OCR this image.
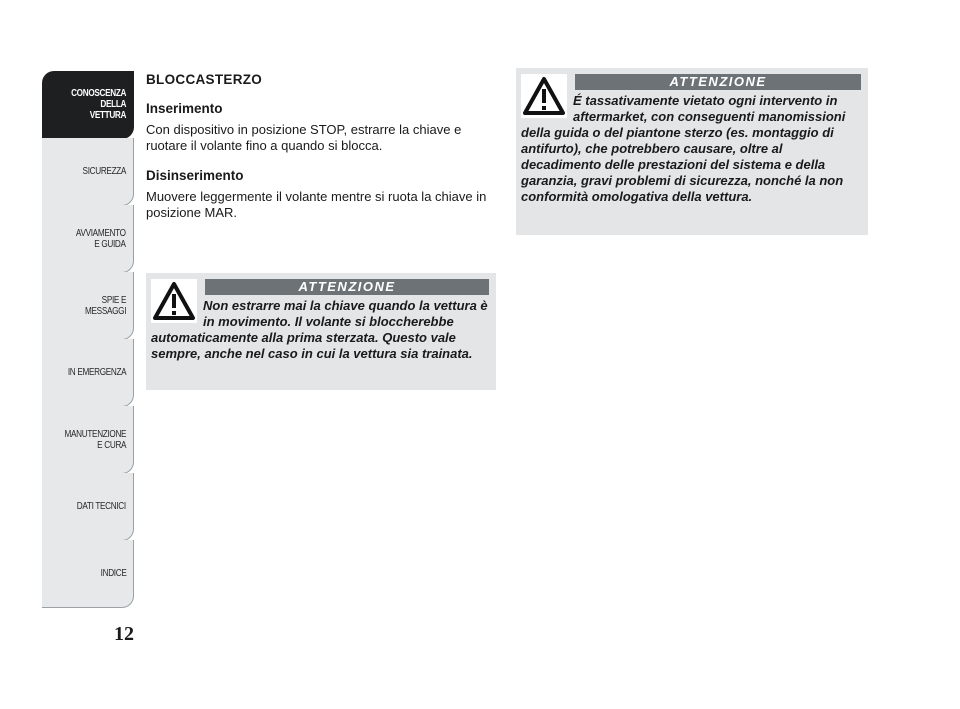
CONOSCENZA
DELLA
VETTURA
SICUREZZA
AVVIAMENTO
E GUIDA
SPIE E
MESSAGGI
IN EMERGENZA
MANUTENZIONE
E CURA
DATI TECNICI
INDICE
12
BLOCCASTERZO
Inserimento
Con dispositivo in posizione STOP, estrarre la chiave e ruotare il volante fino a quando si blocca.
Disinserimento
Muovere leggermente il volante mentre si ruota la chiave in posizione MAR.
ATTENZIONE
Non estrarre mai la chiave quando la vettura è in movimento. Il volante si bloccherebbe automaticamente alla prima sterzata. Questo vale sempre, anche nel caso in cui la vettura sia trainata.
ATTENZIONE
É tassativamente vietato ogni intervento in aftermarket, con conseguenti manomissioni della guida o del piantone sterzo (es. montaggio di antifurto), che potrebbero causare, oltre al decadimento delle prestazioni del sistema e della garanzia, gravi problemi di sicurezza, nonché la non conformità omologativa della vettura.
